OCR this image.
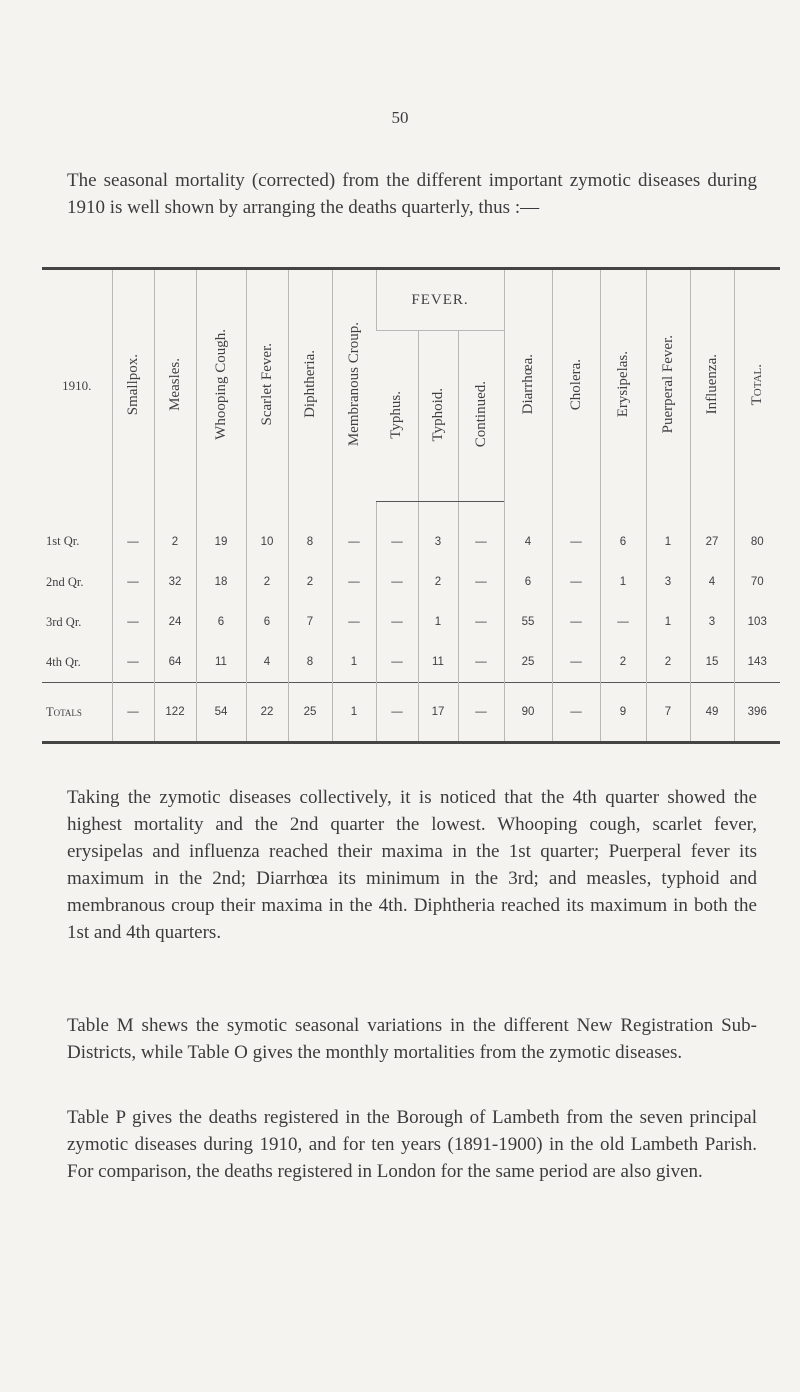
50

The seasonal mortality (corrected) from the different important zymotic diseases during 1910 is well shown by arranging the deaths quarterly, thus :—

1910.	Smallpox.	Measles.	Whooping Cough.	Scarlet Fever.	Diphtheria.	Membranous Croup.	FEVER.			Diarrhœa.	Cholera.	Erysipelas.	Puerperal Fever.	Influenza.	Total.
							Typhus.	Typhoid.	Continued.						
1st Qr.	—	2	19	10	8	—	—	3	—	4	—	6	1	27	80
2nd Qr.	—	32	18	2	2	—	—	2	—	6	—	1	3	4	70
3rd Qr.	—	24	6	6	7	—	—	1	—	55	—	—	1	3	103
4th Qr.	—	64	11	4	8	1	—	11	—	25	—	2	2	15	143
Totals	—	122	54	22	25	1	—	17	—	90	—	9	7	49	396

Taking the zymotic diseases collectively, it is noticed that the 4th quarter showed the highest mortality and the 2nd quarter the lowest. Whooping cough, scarlet fever, erysipelas and influenza reached their maxima in the 1st quarter; Puerperal fever its maximum in the 2nd; Diarrhœa its minimum in the 3rd; and measles, typhoid and membranous croup their maxima in the 4th. Diphtheria reached its maximum in both the 1st and 4th quarters.

Table M shews the symotic seasonal variations in the different New Registration Sub-Districts, while Table O gives the monthly mortalities from the zymotic diseases.

Table P gives the deaths registered in the Borough of Lambeth from the seven principal zymotic diseases during 1910, and for ten years (1891-1900) in the old Lambeth Parish. For comparison, the deaths registered in London for the same period are also given.
